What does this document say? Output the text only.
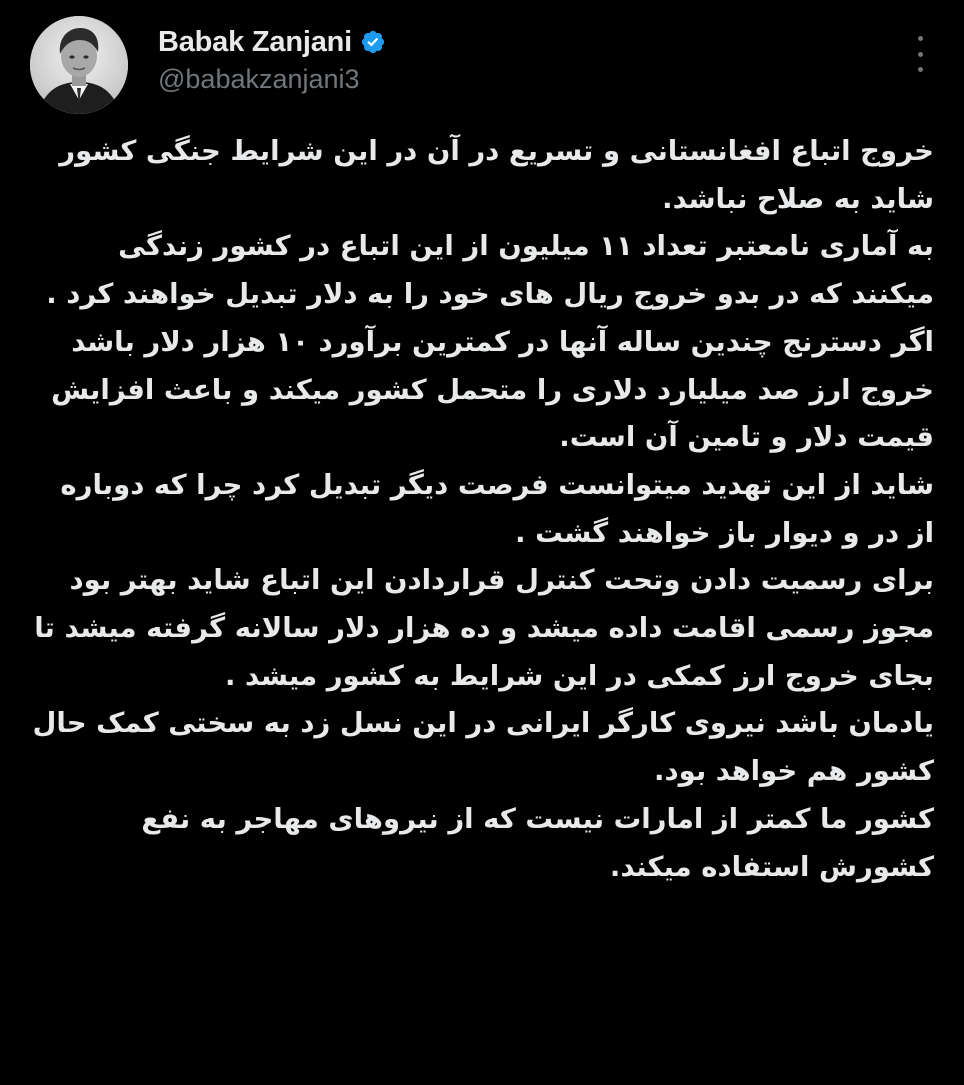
Babak Zanjani
@babakzanjani3

خروج اتباع افغانستانی و تسریع در آن در این شرایط جنگی کشور شاید به صلاح نباشد.

به آماری نامعتبر تعداد ۱۱ میلیون از این اتباع در کشور زندگی میکنند که در بدو خروج ریال های خود را به دلار تبدیل خواهند کرد .

اگر دسترنج چندین ساله آنها در کمترین برآورد ۱۰ هزار دلار باشد خروج ارز صد میلیارد دلاری را متحمل کشور میکند و باعث افزایش قیمت دلار و تامین آن است.

شاید از این تهدید میتوانست فرصت دیگر تبدیل کرد چرا که دوباره از در و دیوار باز خواهند گشت .

برای رسمیت دادن وتحت کنترل قراردادن این اتباع شاید بهتر بود مجوز رسمی اقامت داده میشد و ده هزار دلار سالانه گرفته میشد تا بجای خروج ارز کمکی در این شرایط به کشور میشد .

یادمان باشد نیروی کارگر ایرانی در این نسل زد به سختی کمک حال کشور هم خواهد بود.

کشور ما کمتر از امارات نیست که از نیروهای مهاجر به نفع کشورش استفاده میکند.
